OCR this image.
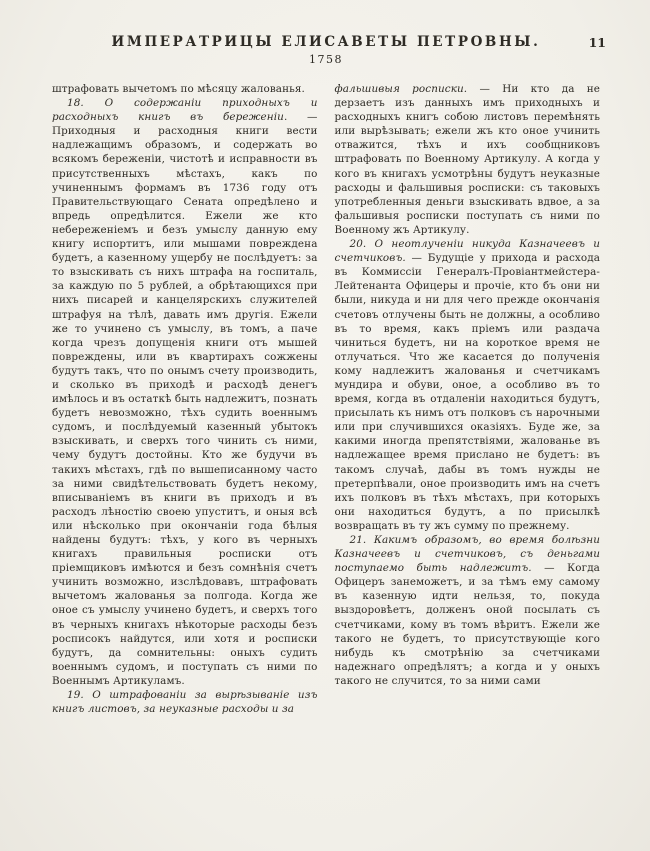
ИМПЕРАТРИЦЫ ЕЛИСАВЕТЫ ПЕТРОВНЫ.	11
1758

штрафовать вычетомъ по мѣсяцу жалованья.

18. О содержаніи приходныхъ и расходныхъ книгъ въ береженіи. — Приходныя и расходныя книги вести надлежащимъ образомъ, и содержать во всякомъ береженіи, чистотѣ и исправности въ присутственныхъ мѣстахъ, какъ по учиненнымъ формамъ въ 1736 году отъ Правительствующаго Сената опредѣлено и впредь опредѣлится. Ежели же кто небереженіемъ и безъ умыслу данную ему книгу испортитъ, или мышами повреждена будетъ, а казенному ущербу не послѣдуетъ: за то взыскивать съ нихъ штрафа на госпиталь, за каждую по 5 рублей, а обрѣтающихся при нихъ писарей и канцелярскихъ служителей штрафуя на тѣлѣ, давать имъ другія. Ежели же то учинено съ умыслу, въ томъ, а паче когда чрезъ допущенія книги отъ мышей повреждены, или въ квартирахъ сожжены будутъ такъ, что по онымъ счету производить, и сколько въ приходѣ и расходѣ денегъ имѣлось и въ остаткѣ быть надлежитъ, познать будетъ невозможно, тѣхъ судить военнымъ судомъ, и послѣдуемый казенный убытокъ взыскивать, и сверхъ того чинить съ ними, чему будутъ достойны. Кто же будучи въ такихъ мѣстахъ, гдѣ по вышеписанному часто за ними свидѣтельствовать будетъ некому, вписываніемъ въ книги въ приходъ и въ расходъ лѣностію своею упуститъ, и оныя всѣ или нѣсколько при окончаніи года бѣлыя найдены будутъ: тѣхъ, у кого въ черныхъ книгахъ правильныя росписки отъ пріемщиковъ имѣются и безъ сомнѣнія счетъ учинить возможно, изслѣдовавъ, штрафовать вычетомъ жалованья за полгода. Когда же оное съ умыслу учинено будетъ, и сверхъ того въ черныхъ книгахъ нѣкоторые расходы безъ росписокъ найдутся, или хотя и росписки будутъ, да сомнительны: оныхъ судить военнымъ судомъ, и поступать съ ними по Военнымъ Артикуламъ.

19. О штрафованіи за вырѣзываніе изъ книгъ листовъ, за неуказные расходы и за

фальшивыя росписки. — Ни кто да не дерзаетъ изъ данныхъ имъ приходныхъ и расходныхъ книгъ собою листовъ перемѣнять или вырѣзывать; ежели жъ кто оное учинить отважится, тѣхъ и ихъ сообщниковъ штрафовать по Военному Артикулу. А когда у кого въ книгахъ усмотрѣны будутъ неуказные расходы и фальшивыя росписки: съ таковыхъ употребленныя деньги взыскивать вдвое, а за фальшивыя росписки поступать съ ними по Военному жъ Артикулу.

20. О неотлученіи никуда Казначеевъ и счетчиковъ. — Будущіе у прихода и расхода въ Коммиссіи Генералъ-Провіантмейстера-Лейтенанта Офицеры и прочіе, кто бъ они ни были, никуда и ни для чего прежде окончанія счетовъ отлучены быть не должны, а особливо въ то время, какъ пріемъ или раздача чиниться будетъ, ни на короткое время не отлучаться. Что же касается до полученія кому надлежитъ жалованья и счетчикамъ мундира и обуви, оное, а особливо въ то время, когда въ отдаленіи находиться будутъ, присылать къ нимъ отъ полковъ съ нарочными или при случившихся оказіяхъ. Буде же, за какими иногда препятствіями, жалованье въ надлежащее время прислано не будетъ: въ такомъ случаѣ, дабы въ томъ нужды не претерпѣвали, оное производить имъ на счетъ ихъ полковъ въ тѣхъ мѣстахъ, при которыхъ они находиться будутъ, а по присылкѣ возвращать въ ту жъ сумму по прежнему.

21. Какимъ образомъ, во время болѣзни Казначеевъ и счетчиковъ, съ деньгами поступаемо быть надлежитъ. — Когда Офицеръ занеможетъ, и за тѣмъ ему самому въ казенную идти нельзя, то, покуда выздоровѣетъ, долженъ оной посылать съ счетчиками, кому въ томъ вѣритъ. Ежели же такого не будетъ, то присутствующіе кого нибудь къ смотрѣнію за счетчиками надежнаго опредѣлятъ; а когда и у оныхъ такого не случится, то за ними сами
